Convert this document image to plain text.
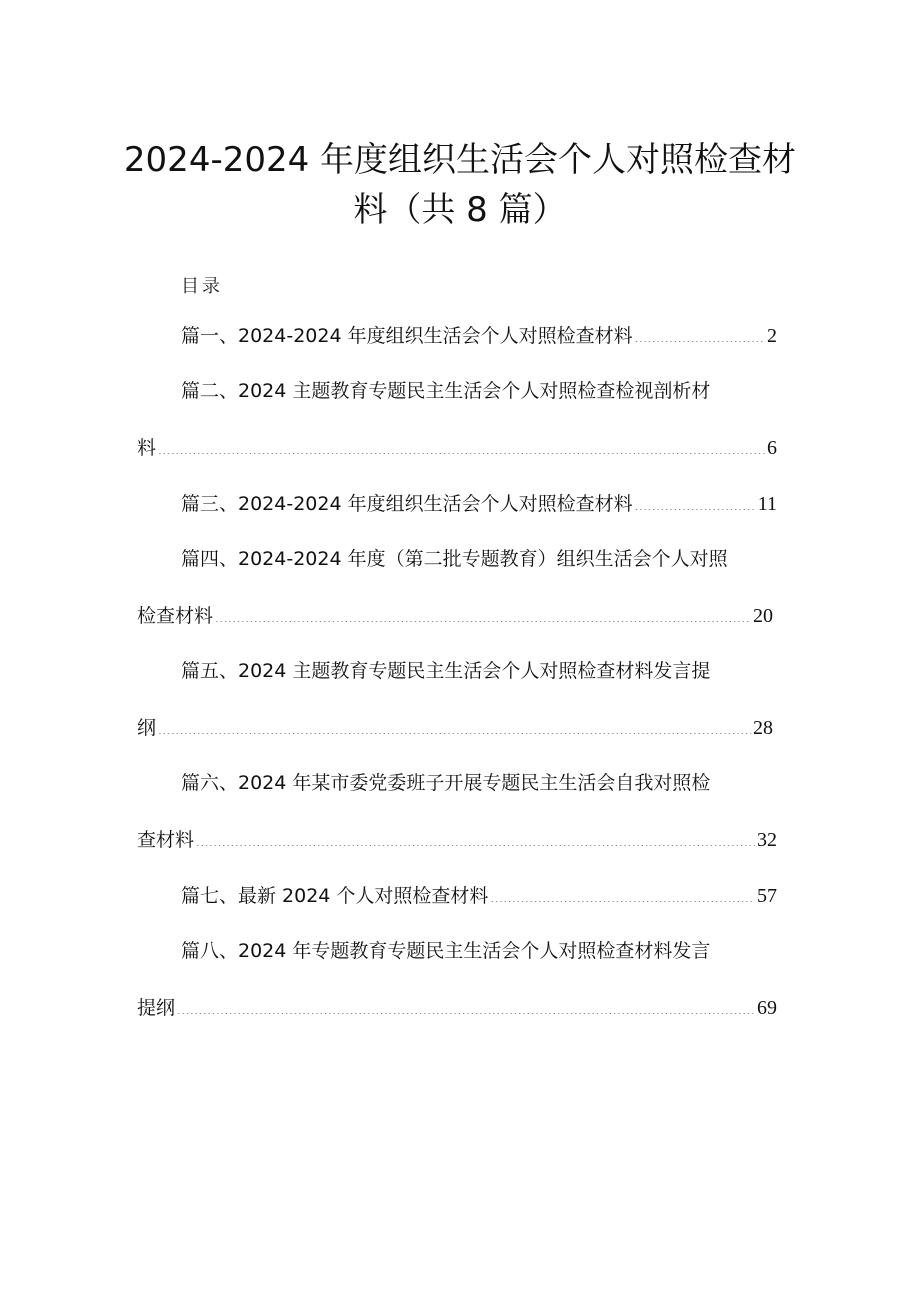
2024-2024 年度组织生活会个人对照检查材
料（共 8 篇）
目录
篇一、2024-2024 年度组织生活会个人对照检查材料 .....	2
篇二、2024 主题教育专题民主生活会个人对照检查检视剖析材
料 .....	6
篇三、2024-2024 年度组织生活会个人对照检查材料 .....	11
篇四、2024-2024 年度（第二批专题教育）组织生活会个人对照
检查材料 .....	20
篇五、2024 主题教育专题民主生活会个人对照检查材料发言提
纲 .....	28
篇六、2024 年某市委党委班子开展专题民主生活会自我对照检
查材料 .....	32
篇七、最新 2024 个人对照检查材料 .....	57
篇八、2024 年专题教育专题民主生活会个人对照检查材料发言
提纲 .....	69
